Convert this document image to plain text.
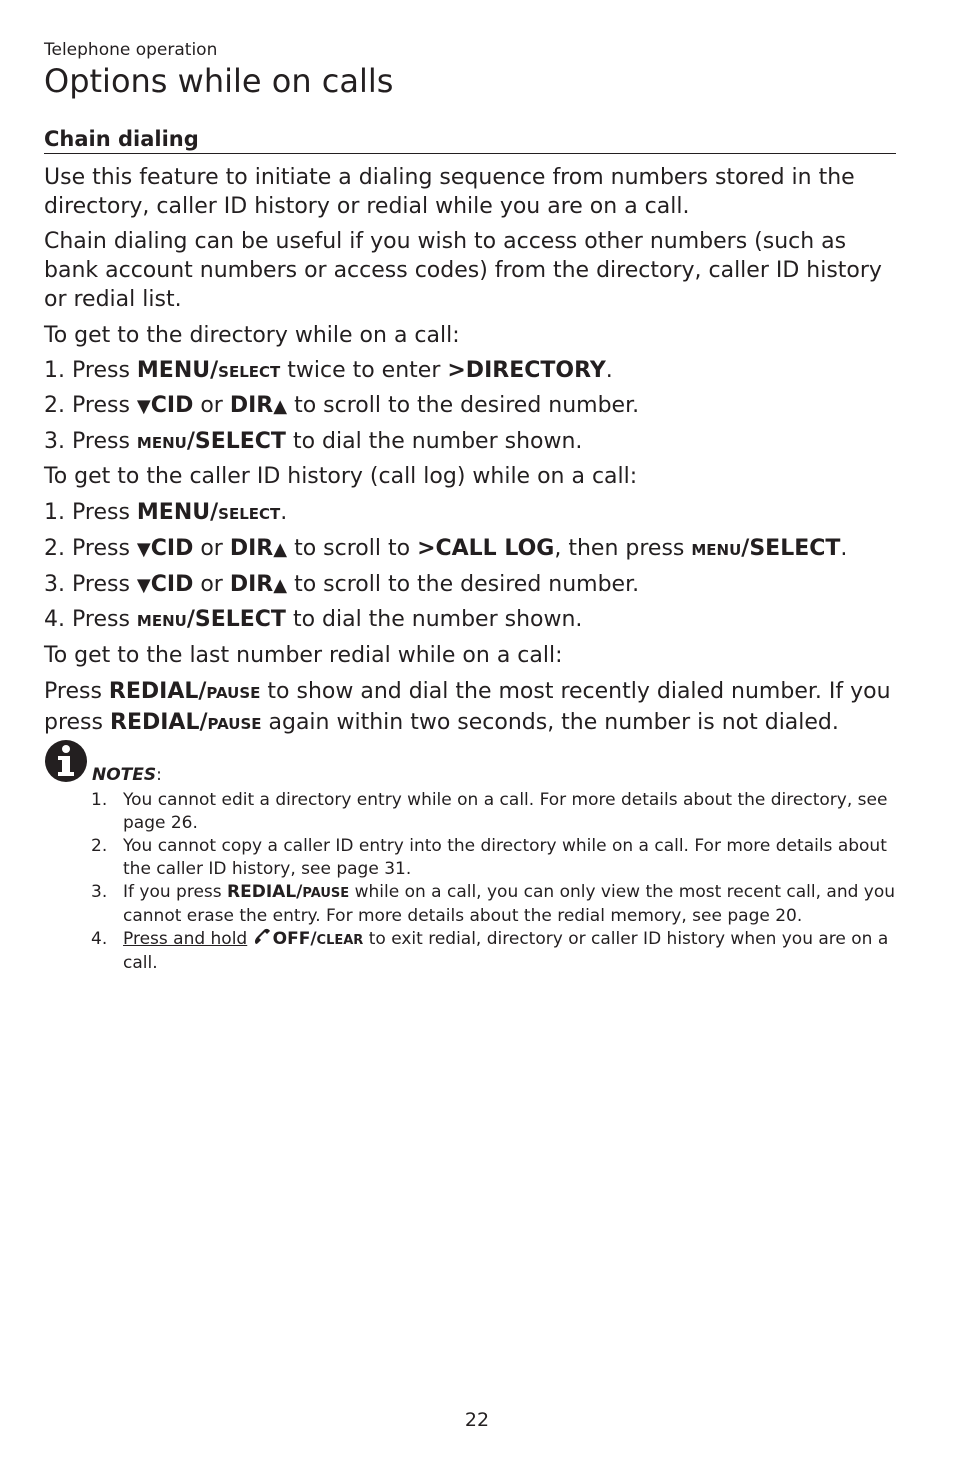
Telephone operation
Options while on calls
Chain dialing

Use this feature to initiate a dialing sequence from numbers stored in the directory, caller ID history or redial while you are on a call.

Chain dialing can be useful if you wish to access other numbers (such as bank account numbers or access codes) from the directory, caller ID history or redial list.

To get to the directory while on a call:

1. Press MENU/SELECT twice to enter >DIRECTORY.

2. Press ▼CID or DIR▲ to scroll to the desired number.

3. Press MENU/SELECT to dial the number shown.

To get to the caller ID history (call log) while on a call:

1. Press MENU/SELECT.

2. Press ▼CID or DIR▲ to scroll to >CALL LOG, then press MENU/SELECT.

3. Press ▼CID or DIR▲ to scroll to the desired number.

4. Press MENU/SELECT to dial the number shown.

To get to the last number redial while on a call:

Press REDIAL/PAUSE to show and dial the most recently dialed number. If you press REDIAL/PAUSE again within two seconds, the number is not dialed.

NOTES:
1. You cannot edit a directory entry while on a call. For more details about the directory, see page 26.
2. You cannot copy a caller ID entry into the directory while on a call. For more details about the caller ID history, see page 31.
3. If you press REDIAL/PAUSE while on a call, you can only view the most recent call, and you cannot erase the entry. For more details about the redial memory, see page 20.
4. Press and hold OFF/CLEAR to exit redial, directory or caller ID history when you are on a call.
22
